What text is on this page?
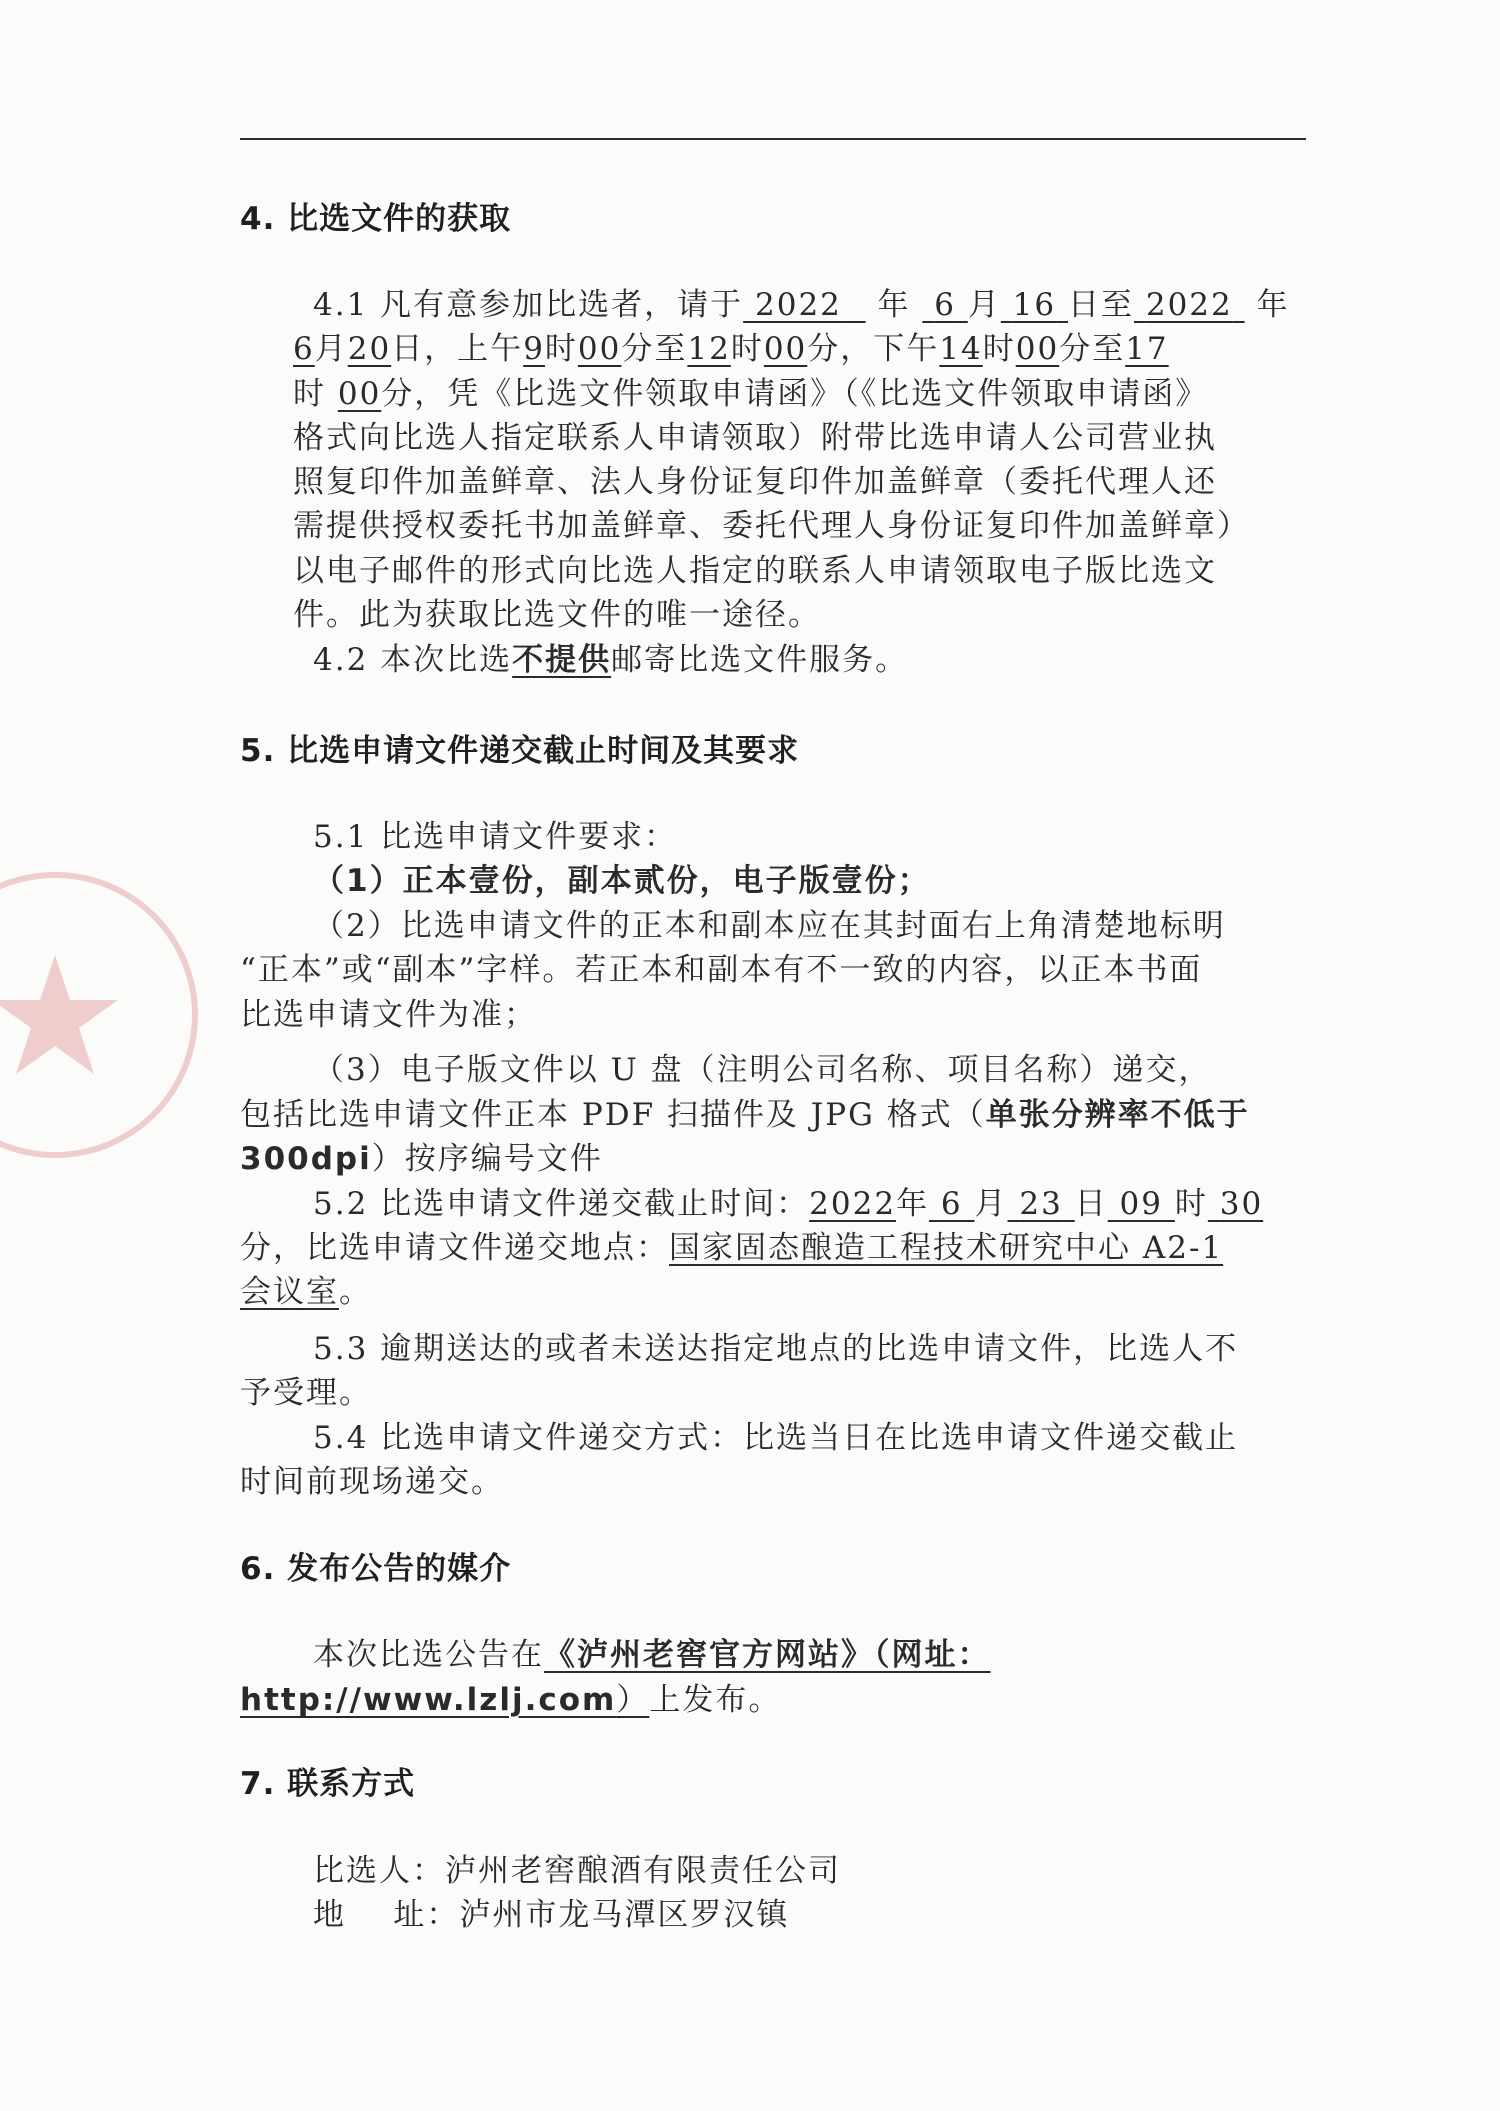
4. 比选文件的获取
4.1 凡有意参加比选者，请于 2022 年 6 月 16 日至 2022 年
6月20日，上午9时00分至12时00分，下午14时00分至17
时 00分，凭《比选文件领取申请函》（《比选文件领取申请函》
格式向比选人指定联系人申请领取）附带比选申请人公司营业执
照复印件加盖鲜章、法人身份证复印件加盖鲜章（委托代理人还
需提供授权委托书加盖鲜章、委托代理人身份证复印件加盖鲜章）
以电子邮件的形式向比选人指定的联系人申请领取电子版比选文
件。此为获取比选文件的唯一途径。
4.2 本次比选不提供邮寄比选文件服务。
5. 比选申请文件递交截止时间及其要求
5.1 比选申请文件要求：
（1）正本壹份，副本贰份，电子版壹份；
（2）比选申请文件的正本和副本应在其封面右上角清楚地标明
“正本”或“副本”字样。若正本和副本有不一致的内容，以正本书面
比选申请文件为准；
（3）电子版文件以 U 盘（注明公司名称、项目名称）递交，
包括比选申请文件正本 PDF 扫描件及 JPG 格式（单张分辨率不低于
300dpi）按序编号文件
5.2 比选申请文件递交截止时间：2022年 6 月 23 日 09 时 30
分，比选申请文件递交地点：国家固态酿造工程技术研究中心 A2-1
会议室。
5.3 逾期送达的或者未送达指定地点的比选申请文件，比选人不
予受理。
5.4 比选申请文件递交方式：比选当日在比选申请文件递交截止
时间前现场递交。
6. 发布公告的媒介
本次比选公告在《泸州老窖官方网站》（网址：
http://www.lzlj.com）上发布。
7. 联系方式
比选人：泸州老窖酿酒有限责任公司
地    址：泸州市龙马潭区罗汉镇
